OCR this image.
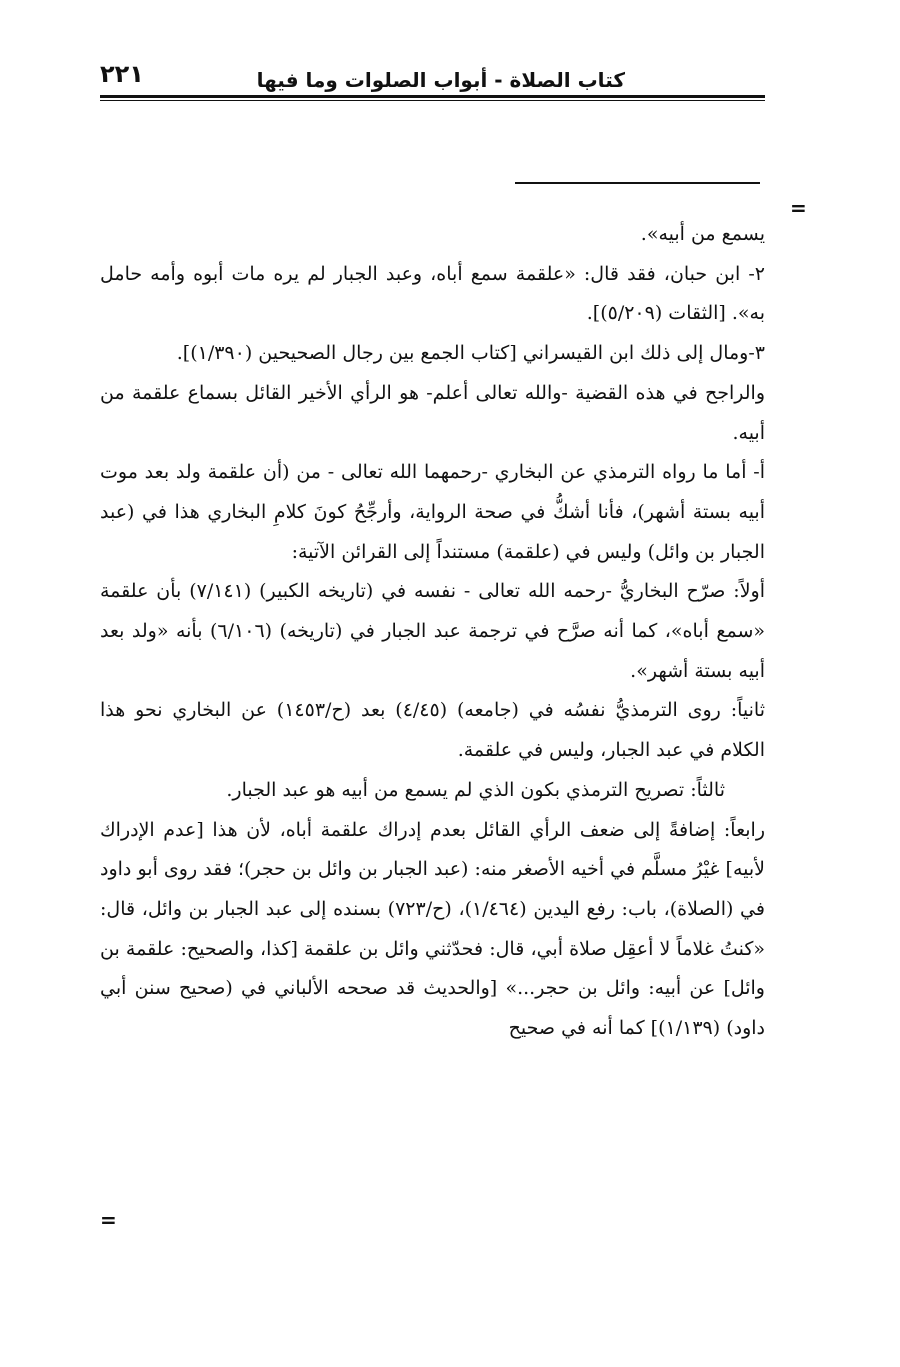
كتاب الصلاة - أبواب الصلوات وما فيها
٢٢١
=

يسمع من أبيه».

٢- ابن حبان، فقد قال: «علقمة سمع أباه، وعبد الجبار لم يره مات أبوه وأمه حامل به». [الثقات (٥/٢٠٩)].

٣-ومال إلى ذلك ابن القيسراني [كتاب الجمع بين رجال الصحيحين (١/٣٩٠)].

والراجح في هذه القضية -والله تعالى أعلم- هو الرأي الأخير القائل بسماع علقمة من أبيه.

أ- أما ما رواه الترمذي عن البخاري -رحمهما الله تعالى - من (أن علقمة ولد بعد موت أبيه بستة أشهر)، فأنا أشكُّ في صحة الرواية، وأرجِّحُ كونَ كلامِ البخاري هذا في (عبد الجبار بن وائل) وليس في (علقمة) مستنداً إلى القرائن الآتية:

أولاً: صرّح البخاريُّ -رحمه الله تعالى - نفسه في (تاريخه الكبير) (٧/١٤١) بأن علقمة «سمع أباه»، كما أنه صرَّح في ترجمة عبد الجبار في (تاريخه) (٦/١٠٦) بأنه «ولد بعد أبيه بستة أشهر».

ثانياً: روى الترمذيُّ نفسُه في (جامعه) (٤/٤٥) بعد (ح/١٤٥٣) عن البخاري نحو هذا الكلام في عبد الجبار، وليس في علقمة.

ثالثاً: تصريح الترمذي بكون الذي لم يسمع من أبيه هو عبد الجبار.

رابعاً: إضافةً إلى ضعف الرأي القائل بعدم إدراك علقمة أباه، لأن هذا [عدم الإدراك لأبيه] غيْرُ مسلَّم في أخيه الأصغر منه: (عبد الجبار بن وائل بن حجر)؛ فقد روى أبو داود في (الصلاة)، باب: رفع اليدين (١/٤٦٤)، (ح/٧٢٣) بسنده إلى عبد الجبار بن وائل، قال: «كنتُ غلاماً لا أعقِل صلاة أبي، قال: فحدّثني وائل بن علقمة [كذا، والصحيح: علقمة بن وائل] عن أبيه: وائل بن حجر...» [والحديث قد صححه الألباني في (صحيح سنن أبي داود) (١/١٣٩)] كما أنه في صحيح

=
